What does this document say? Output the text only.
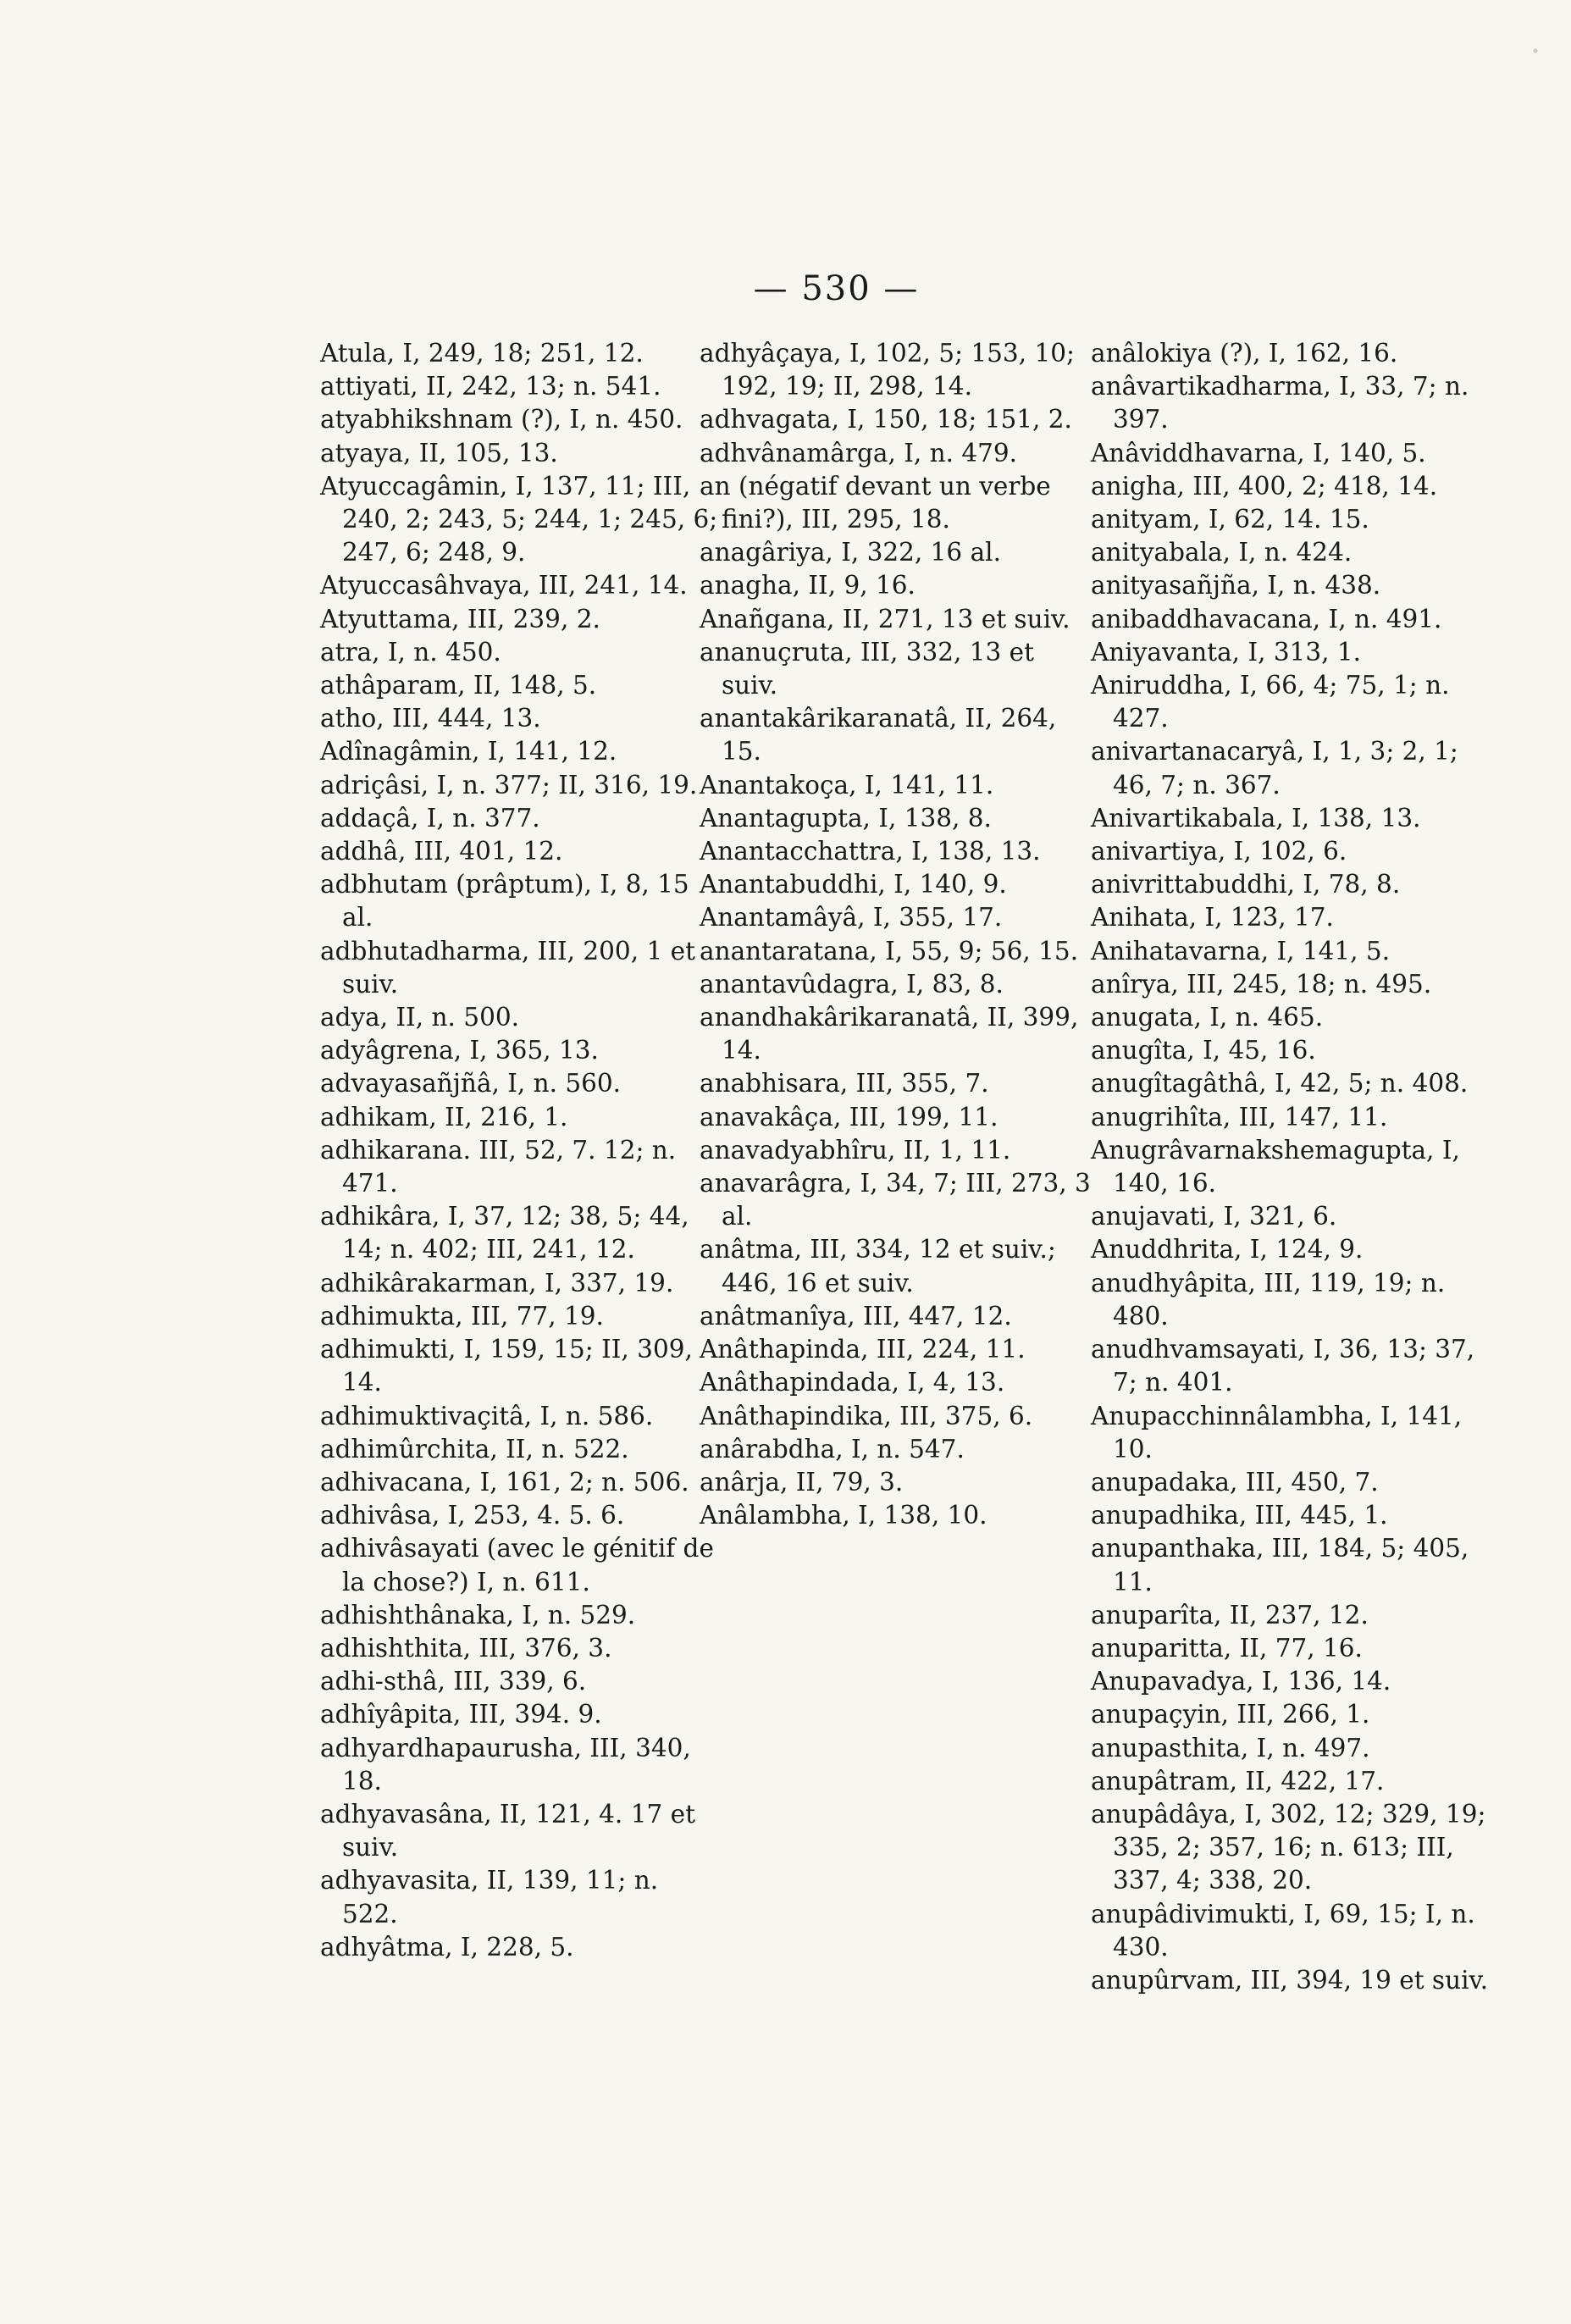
— 530 —

Atula, I, 249, 18; 251, 12.

attiyati, II, 242, 13; n. 541.

atyabhikshnam (?), I, n. 450.

atyaya, II, 105, 13.

Atyuccagâmin, I, 137, 11; III, 240, 2; 243, 5; 244, 1; 245, 6; 247, 6; 248, 9.

Atyuccasâhvaya, III, 241, 14.

Atyuttama, III, 239, 2.

atra, I, n. 450.

athâparam, II, 148, 5.

atho, III, 444, 13.

Adînagâmin, I, 141, 12.

adriçâsi, I, n. 377; II, 316, 19.

addaçâ, I, n. 377.

addhâ, III, 401, 12.

adbhutam (prâptum), I, 8, 15 al.

adbhutadharma, III, 200, 1 et suiv.

adya, II, n. 500.

adyâgrena, I, 365, 13.

advayasañjñâ, I, n. 560.

adhikam, II, 216, 1.

adhikarana. III, 52, 7. 12; n. 471.

adhikâra, I, 37, 12; 38, 5; 44, 14; n. 402; III, 241, 12.

adhikârakarman, I, 337, 19.

adhimukta, III, 77, 19.

adhimukti, I, 159, 15; II, 309, 14.

adhimuktivaçitâ, I, n. 586.

adhimûrchita, II, n. 522.

adhivacana, I, 161, 2; n. 506.

adhivâsa, I, 253, 4. 5. 6.

adhivâsayati (avec le génitif de la chose?) I, n. 611.

adhishthânaka, I, n. 529.

adhishthita, III, 376, 3.

adhi-sthâ, III, 339, 6.

adhîyâpita, III, 394. 9.

adhyardhapaurusha, III, 340, 18.

adhyavasâna, II, 121, 4. 17 et suiv.

adhyavasita, II, 139, 11; n. 522.

adhyâtma, I, 228, 5.

adhyâçaya, I, 102, 5; 153, 10; 192, 19; II, 298, 14.

adhvagata, I, 150, 18; 151, 2.

adhvânamârga, I, n. 479.

an (négatif devant un verbe fini?), III, 295, 18.

anagâriya, I, 322, 16 al.

anagha, II, 9, 16.

Anañgana, II, 271, 13 et suiv.

ananuçruta, III, 332, 13 et suiv.

anantakârikaranatâ, II, 264, 15.

Anantakoça, I, 141, 11.

Anantagupta, I, 138, 8.

Anantacchattra, I, 138, 13.

Anantabuddhi, I, 140, 9.

Anantamâyâ, I, 355, 17.

anantaratana, I, 55, 9; 56, 15.

anantavûdagra, I, 83, 8.

anandhakârikaranatâ, II, 399, 14.

anabhisara, III, 355, 7.

anavakâça, III, 199, 11.

anavadyabhîru, II, 1, 11.

anavarâgra, I, 34, 7; III, 273, 3 al.

anâtma, III, 334, 12 et suiv.; 446, 16 et suiv.

anâtmanîya, III, 447, 12.

Anâthapinda, III, 224, 11.

Anâthapindada, I, 4, 13.

Anâthapindika, III, 375, 6.

anârabdha, I, n. 547.

anârja, II, 79, 3.

Anâlambha, I, 138, 10.

anâlokiya (?), I, 162, 16.

anâvartikadharma, I, 33, 7; n. 397.

Anâviddhavarna, I, 140, 5.

anigha, III, 400, 2; 418, 14.

anityam, I, 62, 14. 15.

anityabala, I, n. 424.

anityasañjña, I, n. 438.

anibaddhavacana, I, n. 491.

Aniyavanta, I, 313, 1.

Aniruddha, I, 66, 4; 75, 1; n. 427.

anivartanacaryâ, I, 1, 3; 2, 1; 46, 7; n. 367.

Anivartikabala, I, 138, 13.

anivartiya, I, 102, 6.

anivrittabuddhi, I, 78, 8.

Anihata, I, 123, 17.

Anihatavarna, I, 141, 5.

anîrya, III, 245, 18; n. 495.

anugata, I, n. 465.

anugîta, I, 45, 16.

anugîtagâthâ, I, 42, 5; n. 408.

anugrihîta, III, 147, 11.

Anugrâvarnakshemagupta, I, 140, 16.

anujavati, I, 321, 6.

Anuddhrita, I, 124, 9.

anudhyâpita, III, 119, 19; n. 480.

anudhvamsayati, I, 36, 13; 37, 7; n. 401.

Anupacchinnâlambha, I, 141, 10.

anupadaka, III, 450, 7.

anupadhika, III, 445, 1.

anupanthaka, III, 184, 5; 405, 11.

anuparîta, II, 237, 12.

anuparitta, II, 77, 16.

Anupavadya, I, 136, 14.

anupaçyin, III, 266, 1.

anupasthita, I, n. 497.

anupâtram, II, 422, 17.

anupâdâya, I, 302, 12; 329, 19; 335, 2; 357, 16; n. 613; III, 337, 4; 338, 20.

anupâdivimukti, I, 69, 15; I, n. 430.

anupûrvam, III, 394, 19 et suiv.
